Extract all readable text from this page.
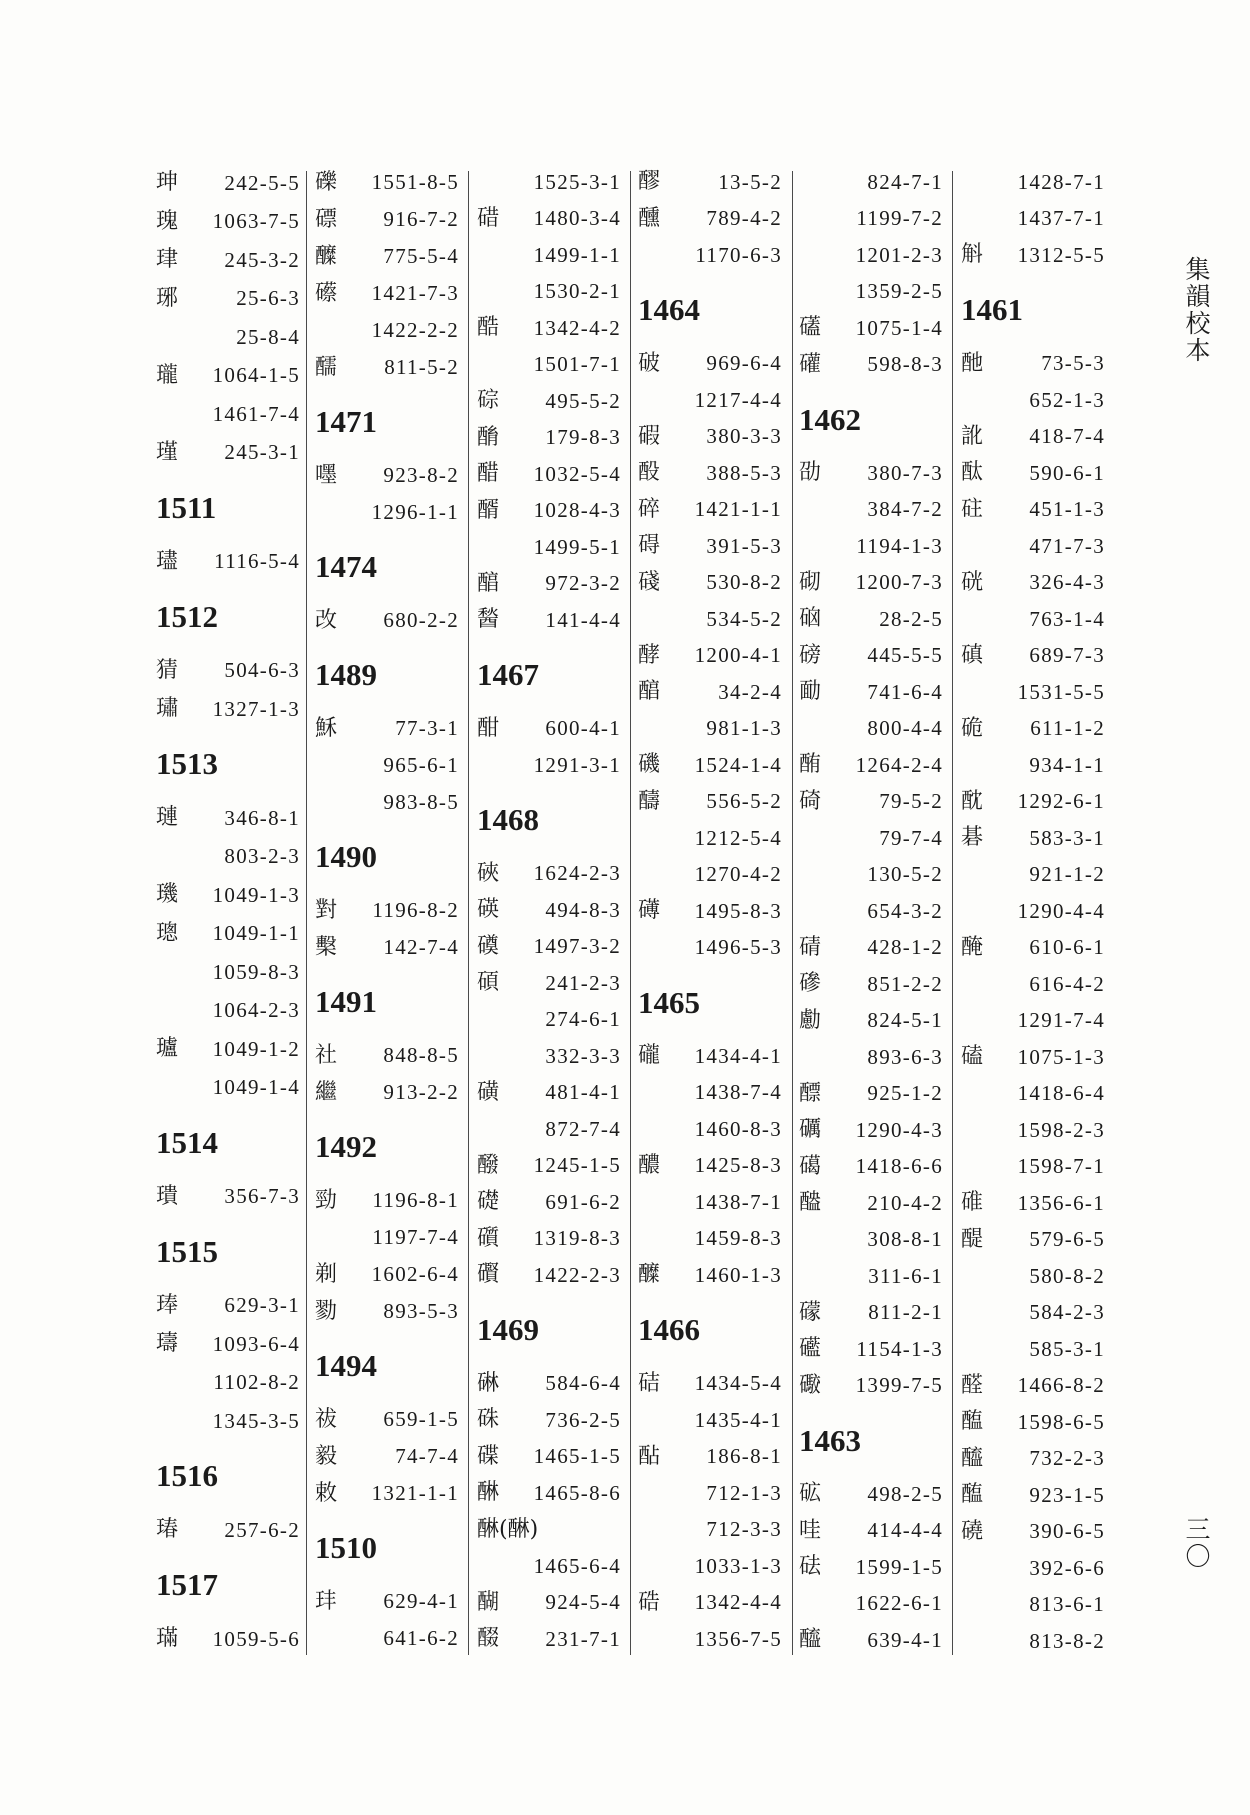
珅 242-5-5
瑰 1063-7-5
珒 245-3-2
琊	25-6-3
25-8-4
瓏 1064-1-5
1461-7-4
瑾 245-3-1
1511
璶 1116-5-4
1512
猜 504-6-3
璛 1327-1-3
1513
璉 346-8-1
803-2-3
璣 1049-1-3
璁 1049-1-1
1059-8-3
1064-2-3
瓐 1049-1-2
1049-1-4
1514
璝 356-7-3
1515
琫 629-3-1
璹 1093-6-4
1102-8-2
1345-3-5
1516
瑃 257-6-2
1517
璊 1059-5-6
礫 1551-8-5
磦 916-7-2
醾 775-5-4
礤 1421-7-3
1422-2-2
醹 811-5-2
1471
嚜 923-8-2
1296-1-1
1474
改 680-2-2
1489
穌	77-3-1
965-6-1
983-8-5
1490
對 1196-8-2
檕 142-7-4
1491
社 848-8-5
繼 913-2-2
1492
勁 1196-8-1
1197-7-4
剃 1602-6-4
勠 893-5-3
1494
祓 659-1-5
毅	74-7-4
敕 1321-1-1
1510
玤 629-4-1
641-6-2
1525-3-1
碏 1480-3-4
1499-1-1
1530-2-1
酷 1342-4-2
1501-7-1
碂 495-5-2
酳 179-8-3
醋 1032-5-4
醑 1028-4-3
1499-5-1
醕 972-3-2
醔 141-4-4
1467
酣 600-4-1
1291-3-1
1468
硤 1624-2-3
碤 494-8-3
磸 1497-3-2
碩 241-2-3
274-6-1
332-3-3
磺 481-4-1
872-7-4
醱 1245-1-5
礎 691-6-2
礩 1319-8-3
礥 1422-2-3
1469
碄 584-6-4
硃 736-2-5
碟 1465-1-5
醂 1465-8-6
醂(醂)
1465-6-4
醐 924-5-4
醊 231-7-1
醪	13-5-2
醺 789-4-2
1170-6-3
1464
破 969-6-4
1217-4-4
碬 380-3-3
酘 388-5-3
碎 1421-1-1
碍 391-5-3
碊 530-8-2
534-5-2
酵 1200-4-1
醕	34-2-4
981-1-3
磯 1524-1-4
醻 556-5-2
1212-5-4
1270-4-2
礡 1495-8-3
1496-5-3
1465
礲 1434-4-1
1438-7-4
1460-8-3
醲 1425-8-3
1438-7-1
1459-8-3
醾 1460-1-3
1466
硈 1434-5-4
1435-4-1
酟 186-8-1
712-1-3
712-3-3
1033-1-3
硞 1342-4-4
1356-7-5
824-7-1
1199-7-2
1201-2-3
1359-2-5
礚 1075-1-4
礶 598-8-3
1462
劭 380-7-3
384-7-2
1194-1-3
砌 1200-7-3
硇	28-2-5
磅 445-5-5
勔 741-6-4
800-4-4
酭 1264-2-4
碕	79-5-2
79-7-4
130-5-2
654-3-2
碃 428-1-2
磣 851-2-2
勴 824-5-1
893-6-3
醥 925-1-2
礪 1290-4-3
礍 1418-6-6
醠 210-4-2
308-8-1
311-6-1
礞 811-2-1
礷 1154-1-3
礮 1399-7-5
1463
砿 498-2-5
哇 414-4-4
砝 1599-1-5
1622-6-1
醯 639-4-1
1428-7-1
1437-7-1
斛 1312-5-5
1461
酏	73-5-3
652-1-3
訛 418-7-4
酞 590-6-1
砫 451-1-3
471-7-3
硄 326-4-3
763-1-4
磌 689-7-3
1531-5-5
硊 611-1-2
934-1-1
酖 1292-6-1
碁 583-3-1
921-1-2
1290-4-4
醃 610-6-1
616-4-2
1291-7-4
磕 1075-1-3
1418-6-4
1598-2-3
1598-7-1
碓 1356-6-1
醍 579-6-5
580-8-2
584-2-3
585-3-1
醛 1466-8-2
醢 1598-6-5
醯 732-2-3
醢 923-1-5
磽 390-6-5
392-6-6
813-6-1
813-8-2
集韻校本
三〇
